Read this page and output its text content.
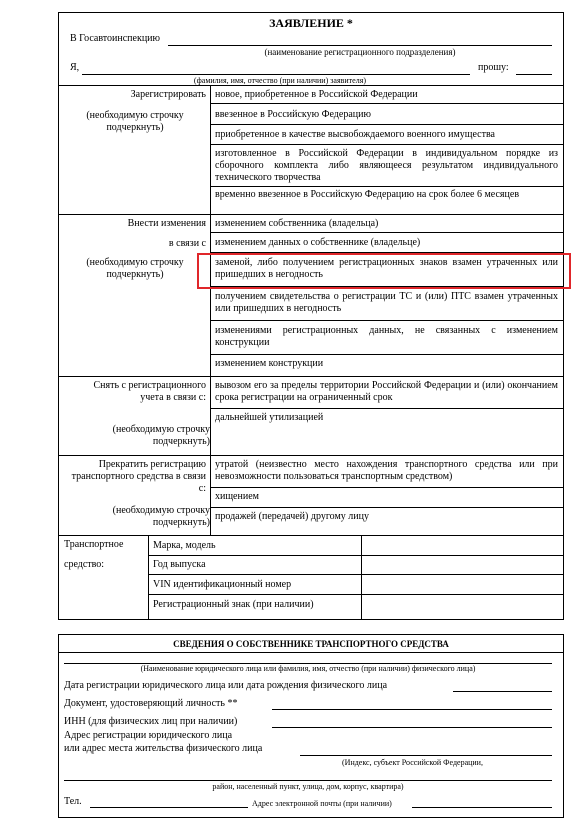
ЗАЯВЛЕНИЕ *
В Госавтоинспекцию
(наименование регистрационного подразделения)
Я,	прошу:
(фамилия, имя, отчество (при наличии) заявителя)
Зарегистрировать
(необходимую строчку подчеркнуть)
новое, приобретенное в Российской Федерации
ввезенное в Российскую Федерацию
приобретенное в качестве высвобождаемого военного имущества
изготовленное в Российской Федерации в индивидуальном порядке из сборочного комплекта либо являющееся результатом индивидуального технического творчества
временно ввезенное в Российскую Федерацию на срок более 6 месяцев
Внести изменения
в связи с
(необходимую строчку подчеркнуть)
изменением собственника (владельца)
изменением данных о собственнике (владельце)
заменой, либо получением регистрационных знаков взамен утраченных или пришедших в негодность
получением свидетельства о регистрации ТС и (или) ПТС взамен утраченных или пришедших в негодность
изменениями регистрационных данных, не связанных с изменением конструкции
изменением конструкции
Снять с регистрационного учета в связи с:
(необходимую строчку подчеркнуть)
вывозом его за пределы территории Российской Федерации и (или) окончанием срока регистрации на ограниченный срок
дальнейшей утилизацией
Прекратить регистрацию транспортного средства в связи с:
(необходимую строчку подчеркнуть)
утратой (неизвестно место нахождения транспортного средства или при невозможности пользоваться транспортным средством)
хищением
продажей (передачей) другому лицу
Транспортное
средство:
Марка, модель
Год выпуска
VIN идентификационный номер
Регистрационный знак (при наличии)
СВЕДЕНИЯ О СОБСТВЕННИКЕ ТРАНСПОРТНОГО СРЕДСТВА
(Наименование юридического лица или фамилия, имя, отчество (при наличии) физического лица)
Дата регистрации юридического лица или дата рождения физического лица
Документ, удостоверяющий личность **
ИНН (для физических лиц при наличии)
Адрес регистрации юридического лица
или адрес места жительства физического лица
(Индекс, субъект Российской Федерации,
район, населенный пункт, улица, дом, корпус, квартира)
Тел.	Адрес электронной почты (при наличии)
